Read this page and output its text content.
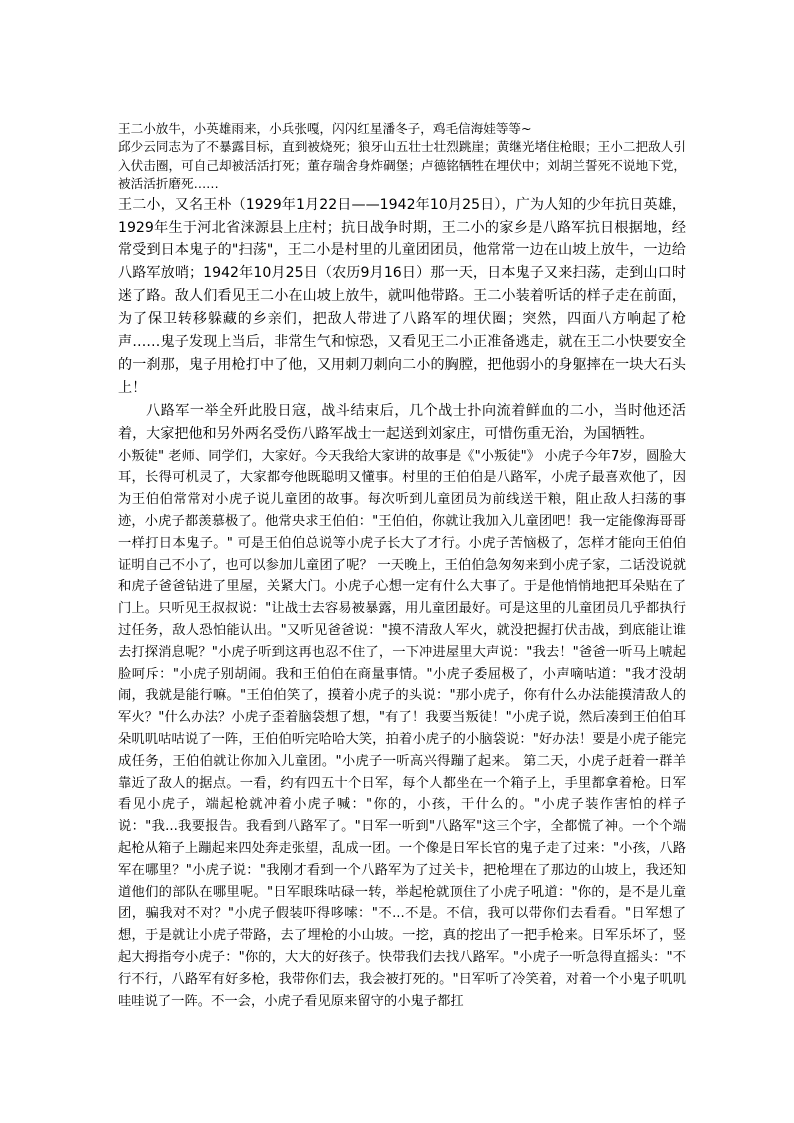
王二小放牛，小英雄雨来，小兵张嘎，闪闪红星潘冬子，鸡毛信海娃等等~

邱少云同志为了不暴露目标，直到被烧死；狼牙山五壮士壮烈跳崖；黄继光堵住枪眼；王小二把敌人引入伏击圈，可自己却被活活打死；董存瑞舍身炸碉堡；卢德铭牺牲在埋伏中；刘胡兰誓死不说地下党，被活活折磨死……

王二小，又名王朴（1929年1月22日——1942年10月25日），广为人知的少年抗日英雄，1929年生于河北省涞源县上庄村；抗日战争时期，王二小的家乡是八路军抗日根据地，经常受到日本鬼子的"扫荡"，王二小是村里的儿童团团员，他常常一边在山坡上放牛，一边给八路军放哨；1942年10月25日（农历9月16日）那一天，日本鬼子又来扫荡，走到山口时迷了路。敌人们看见王二小在山坡上放牛，就叫他带路。王二小装着听话的样子走在前面，为了保卫转移躲藏的乡亲们，把敌人带进了八路军的埋伏圈；突然，四面八方响起了枪声……鬼子发现上当后，非常生气和惊恐，又看见王二小正准备逃走，就在王二小快要安全的一刹那，鬼子用枪打中了他，又用刺刀刺向二小的胸膛，把他弱小的身躯摔在一块大石头上！

八路军一举全歼此股日寇，战斗结束后，几个战士扑向流着鲜血的二小，当时他还活着，大家把他和另外两名受伤八路军战士一起送到刘家庄，可惜伤重无治，为国牺牲。

小叛徒" 老师、同学们，大家好。今天我给大家讲的故事是《"小叛徒"》 小虎子今年7岁，圆脸大耳，长得可机灵了，大家都夸他既聪明又懂事。村里的王伯伯是八路军，小虎子最喜欢他了，因为王伯伯常常对小虎子说儿童团的故事。每次听到儿童团员为前线送干粮，阻止敌人扫荡的事迹，小虎子都羡慕极了。他常央求王伯伯："王伯伯，你就让我加入儿童团吧！我一定能像海哥哥一样打日本鬼子。" 可是王伯伯总说等小虎子长大了才行。小虎子苦恼极了，怎样才能向王伯伯证明自己不小了，也可以参加儿童团了呢？ 一天晚上，王伯伯急匆匆来到小虎子家，二话没说就和虎子爸爸钻进了里屋，关紧大门。小虎子心想一定有什么大事了。于是他悄悄地把耳朵贴在了门上。只听见王叔叔说："让战士去容易被暴露，用儿童团最好。可是这里的儿童团员几乎都执行过任务，敌人恐怕能认出。"又听见爸爸说："摸不清敌人军火，就没把握打伏击战，到底能让谁去打探消息呢？"小虎子听到这再也忍不住了，一下冲进屋里大声说："我去！"爸爸一听马上唬起脸呵斥："小虎子别胡闹。我和王伯伯在商量事情。"小虎子委屈极了，小声嘀咕道："我才没胡闹，我就是能行嘛。"王伯伯笑了，摸着小虎子的头说："那小虎子，你有什么办法能摸清敌人的军火？"什么办法？小虎子歪着脑袋想了想，"有了！我要当叛徒！"小虎子说，然后凑到王伯伯耳朵叽叽咕咕说了一阵，王伯伯听完哈哈大笑，拍着小虎子的小脑袋说："好办法！要是小虎子能完成任务，王伯伯就让你加入儿童团。"小虎子一听高兴得蹦了起来。 第二天，小虎子赶着一群羊靠近了敌人的据点。一看，约有四五十个日军，每个人都坐在一个箱子上，手里都拿着枪。日军看见小虎子，端起枪就冲着小虎子喊："你的，小孩，干什么的。"小虎子装作害怕的样子说："我...我要报告。我看到八路军了。"日军一听到"八路军"这三个字，全都慌了神。一个个端起枪从箱子上蹦起来四处奔走张望，乱成一团。一个像是日军长官的鬼子走了过来："小孩，八路军在哪里？"小虎子说："我刚才看到一个八路军为了过关卡，把枪埋在了那边的山坡上，我还知道他们的部队在哪里呢。"日军眼珠咕碌一转，举起枪就顶住了小虎子吼道："你的，是不是儿童团，骗我对不对？"小虎子假装吓得哆嗦："不...不是。不信，我可以带你们去看看。"日军想了想，于是就让小虎子带路，去了埋枪的小山坡。一挖，真的挖出了一把手枪来。日军乐坏了，竖起大拇指夸小虎子："你的，大大的好孩子。快带我们去找八路军。"小虎子一听急得直摇头："不行不行，八路军有好多枪，我带你们去，我会被打死的。"日军听了冷笑着，对着一个小鬼子叽叽哇哇说了一阵。不一会，小虎子看见原来留守的小鬼子都扛
